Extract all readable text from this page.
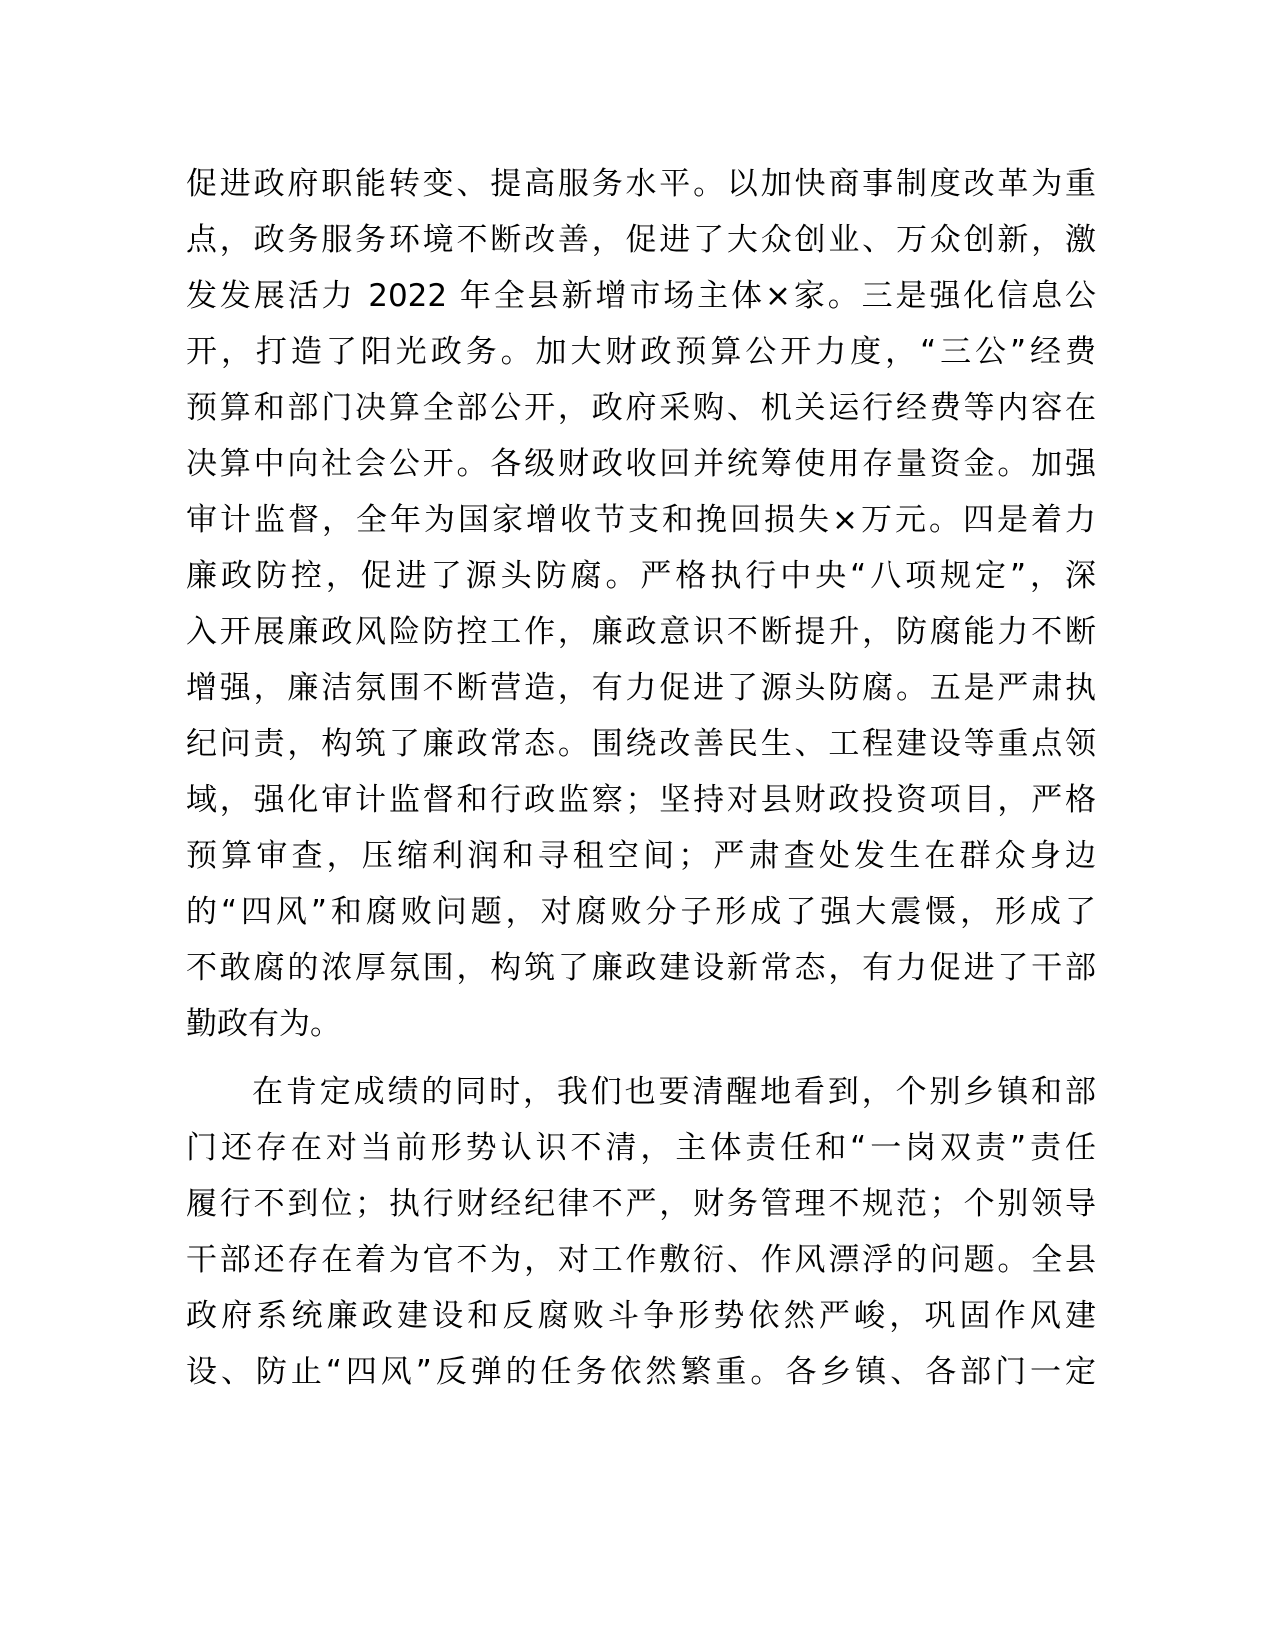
促进政府职能转变、提高服务水平。以加快商事制度改革为重
点，政务服务环境不断改善，促进了大众创业、万众创新，激
发发展活力 2022 年全县新增市场主体×家。三是强化信息公
开，打造了阳光政务。加大财政预算公开力度，“三公”经费
预算和部门决算全部公开，政府采购、机关运行经费等内容在
决算中向社会公开。各级财政收回并统筹使用存量资金。加强
审计监督，全年为国家增收节支和挽回损失×万元。四是着力
廉政防控，促进了源头防腐。严格执行中央“八项规定”，深
入开展廉政风险防控工作，廉政意识不断提升，防腐能力不断
增强，廉洁氛围不断营造，有力促进了源头防腐。五是严肃执
纪问责，构筑了廉政常态。围绕改善民生、工程建设等重点领
域，强化审计监督和行政监察；坚持对县财政投资项目，严格
预算审查，压缩利润和寻租空间；严肃查处发生在群众身边
的“四风”和腐败问题，对腐败分子形成了强大震慑，形成了
不敢腐的浓厚氛围，构筑了廉政建设新常态，有力促进了干部
勤政有为。
在肯定成绩的同时，我们也要清醒地看到，个别乡镇和部
门还存在对当前形势认识不清，主体责任和“一岗双责”责任
履行不到位；执行财经纪律不严，财务管理不规范；个别领导
干部还存在着为官不为，对工作敷衍、作风漂浮的问题。全县
政府系统廉政建设和反腐败斗争形势依然严峻，巩固作风建
设、防止“四风”反弹的任务依然繁重。各乡镇、各部门一定
